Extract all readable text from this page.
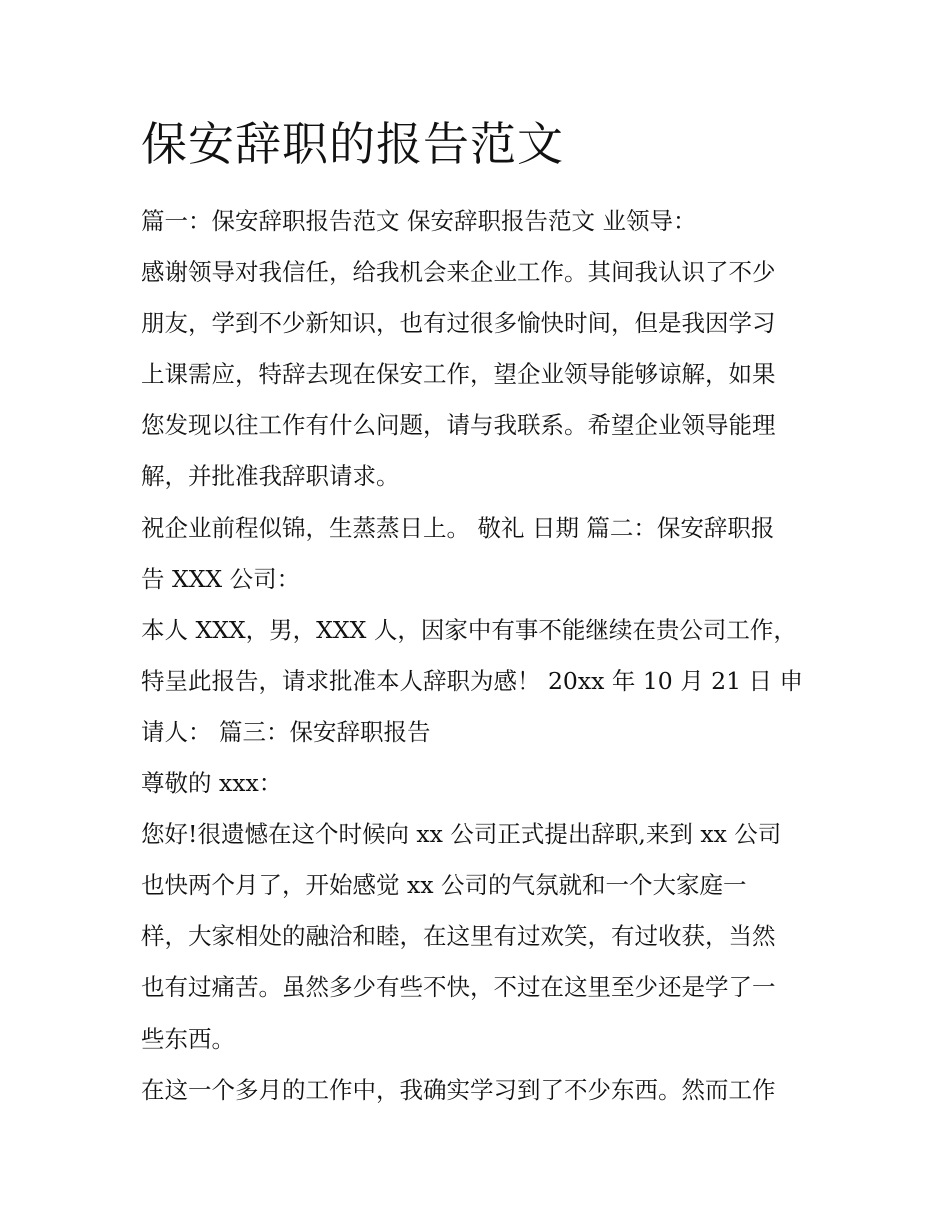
保安辞职的报告范文
篇一：保安辞职报告范文 保安辞职报告范文 业领导：
感谢领导对我信任，给我机会来企业工作。其间我认识了不少
朋友，学到不少新知识，也有过很多愉快时间，但是我因学习
上课需应，特辞去现在保安工作，望企业领导能够谅解，如果
您发现以往工作有什么问题，请与我联系。希望企业领导能理
解，并批准我辞职请求。
祝企业前程似锦，生蒸蒸日上。 敬礼 日期 篇二：保安辞职报
告 XXX 公司：
本人 XXX，男，XXX 人，因家中有事不能继续在贵公司工作，
特呈此报告，请求批准本人辞职为感！ 20xx 年 10 月 21 日 申
请人： 篇三：保安辞职报告
尊敬的 xxx：
您好!很遗憾在这个时候向 xx 公司正式提出辞职,来到 xx 公司
也快两个月了，开始感觉 xx 公司的气氛就和一个大家庭一
样，大家相处的融洽和睦，在这里有过欢笑，有过收获，当然
也有过痛苦。虽然多少有些不快，不过在这里至少还是学了一
些东西。
在这一个多月的工作中，我确实学习到了不少东西。然而工作
